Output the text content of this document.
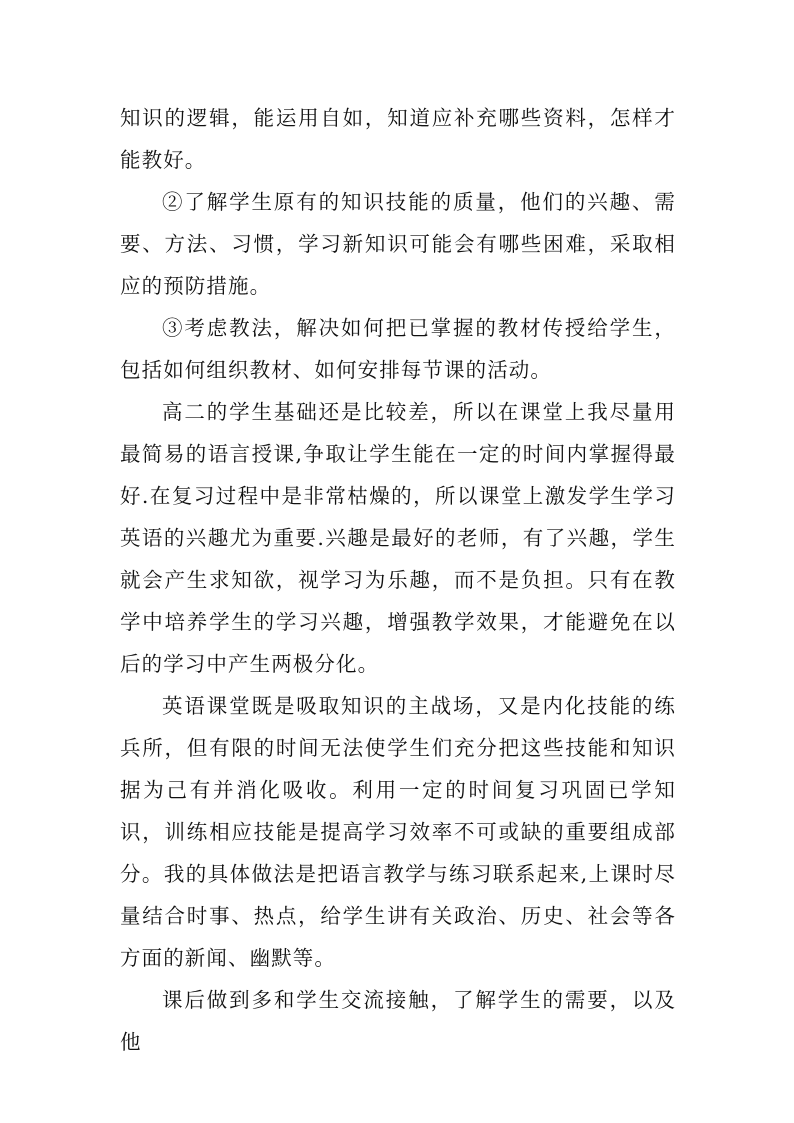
知识的逻辑，能运用自如，知道应补充哪些资料，怎样才能教好。

②了解学生原有的知识技能的质量，他们的兴趣、需要、方法、习惯，学习新知识可能会有哪些困难，采取相应的预防措施。

③考虑教法，解决如何把已掌握的教材传授给学生，包括如何组织教材、如何安排每节课的活动。

高二的学生基础还是比较差，所以在课堂上我尽量用最简易的语言授课,争取让学生能在一定的时间内掌握得最好.在复习过程中是非常枯燥的，所以课堂上激发学生学习英语的兴趣尤为重要.兴趣是最好的老师，有了兴趣，学生就会产生求知欲，视学习为乐趣，而不是负担。只有在教学中培养学生的学习兴趣，增强教学效果，才能避免在以后的学习中产生两极分化。

英语课堂既是吸取知识的主战场，又是内化技能的练兵所，但有限的时间无法使学生们充分把这些技能和知识据为己有并消化吸收。利用一定的时间复习巩固已学知识，训练相应技能是提高学习效率不可或缺的重要组成部分。我的具体做法是把语言教学与练习联系起来,上课时尽量结合时事、热点，给学生讲有关政治、历史、社会等各方面的新闻、幽默等。

课后做到多和学生交流接触，了解学生的需要，以及他
